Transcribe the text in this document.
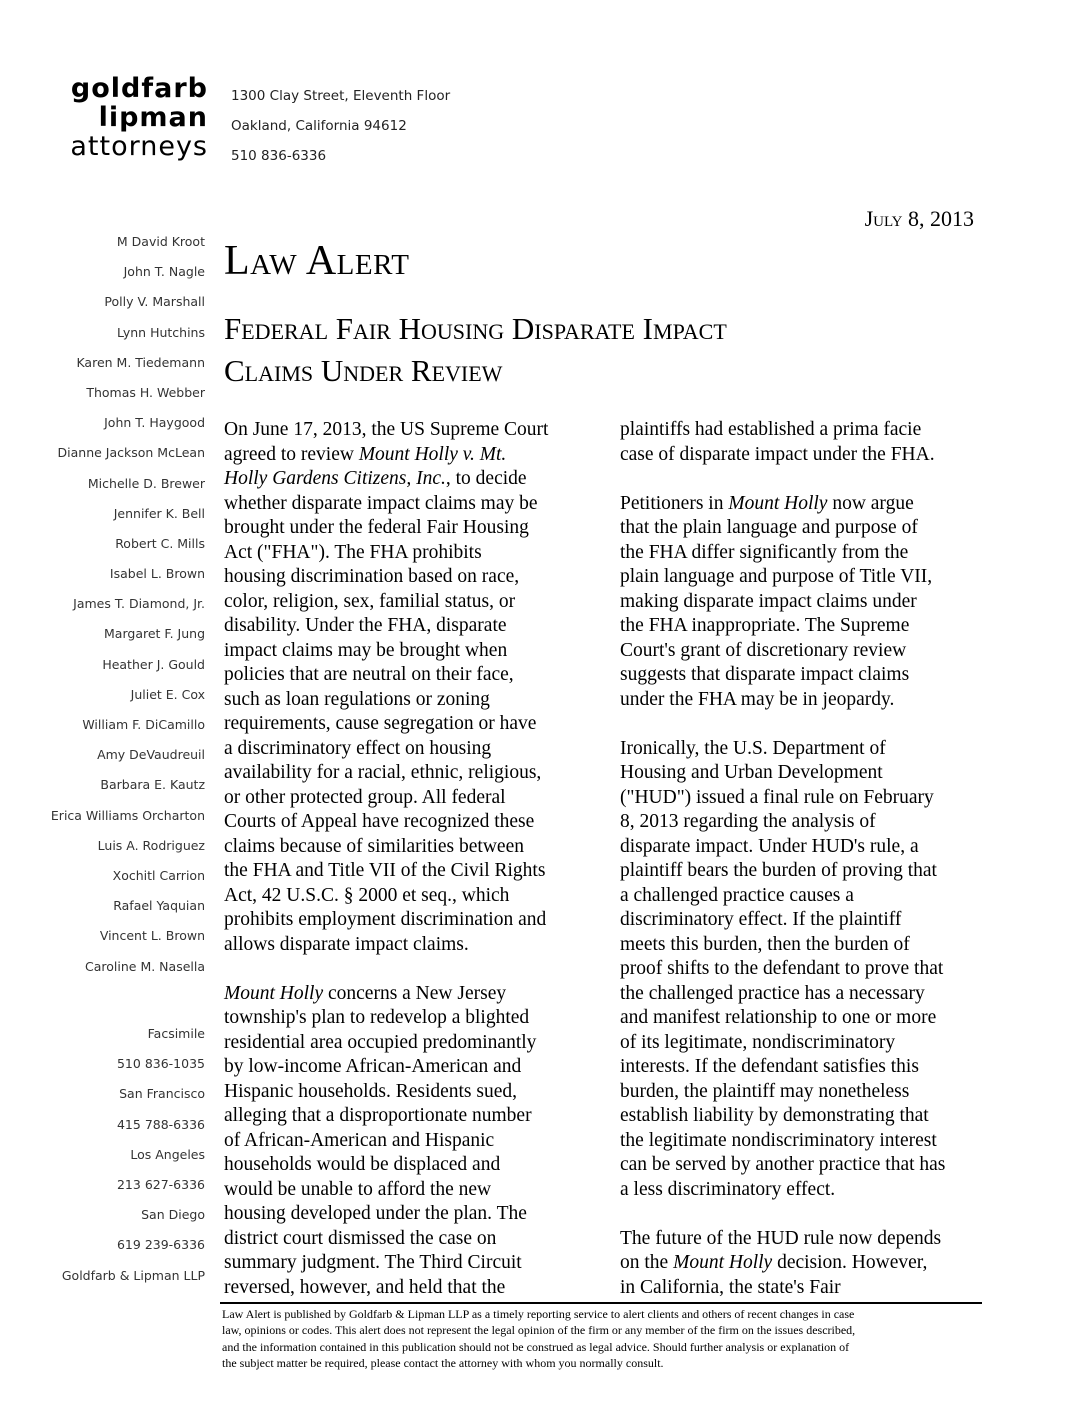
goldfarb
lipman
attorneys
1300 Clay Street, Eleventh Floor
Oakland, California 94612
510 836-6336
July 8, 2013
M David Kroot
John T. Nagle
Polly V. Marshall
Lynn Hutchins
Karen M. Tiedemann
Thomas H. Webber
John T. Haygood
Dianne Jackson McLean
Michelle D. Brewer
Jennifer K. Bell
Robert C. Mills
Isabel L. Brown
James T. Diamond, Jr.
Margaret F. Jung
Heather J. Gould
Juliet E. Cox
William F. DiCamillo
Amy DeVaudreuil
Barbara E. Kautz
Erica Williams Orcharton
Luis A. Rodriguez
Xochitl Carrion
Rafael Yaquian
Vincent L. Brown
Caroline M. Nasella
Facsimile
510 836-1035
San Francisco
415 788-6336
Los Angeles
213 627-6336
San Diego
619 239-6336
Goldfarb & Lipman LLP
Law Alert
Federal Fair Housing Disparate Impact
Claims Under Review

On June 17, 2013, the US Supreme Court
agreed to review Mount Holly v. Mt.
Holly Gardens Citizens, Inc., to decide
whether disparate impact claims may be
brought under the federal Fair Housing
Act ("FHA"). The FHA prohibits
housing discrimination based on race,
color, religion, sex, familial status, or
disability. Under the FHA, disparate
impact claims may be brought when
policies that are neutral on their face,
such as loan regulations or zoning
requirements, cause segregation or have
a discriminatory effect on housing
availability for a racial, ethnic, religious,
or other protected group. All federal
Courts of Appeal have recognized these
claims because of similarities between
the FHA and Title VII of the Civil Rights
Act, 42 U.S.C. § 2000 et seq., which
prohibits employment discrimination and
allows disparate impact claims.

Mount Holly concerns a New Jersey
township's plan to redevelop a blighted
residential area occupied predominantly
by low-income African-American and
Hispanic households. Residents sued,
alleging that a disproportionate number
of African-American and Hispanic
households would be displaced and
would be unable to afford the new
housing developed under the plan. The
district court dismissed the case on
summary judgment. The Third Circuit
reversed, however, and held that the

plaintiffs had established a prima facie
case of disparate impact under the FHA.

Petitioners in Mount Holly now argue
that the plain language and purpose of
the FHA differ significantly from the
plain language and purpose of Title VII,
making disparate impact claims under
the FHA inappropriate. The Supreme
Court's grant of discretionary review
suggests that disparate impact claims
under the FHA may be in jeopardy.

Ironically, the U.S. Department of
Housing and Urban Development
("HUD") issued a final rule on February
8, 2013 regarding the analysis of
disparate impact. Under HUD's rule, a
plaintiff bears the burden of proving that
a challenged practice causes a
discriminatory effect. If the plaintiff
meets this burden, then the burden of
proof shifts to the defendant to prove that
the challenged practice has a necessary
and manifest relationship to one or more
of its legitimate, nondiscriminatory
interests. If the defendant satisfies this
burden, the plaintiff may nonetheless
establish liability by demonstrating that
the legitimate nondiscriminatory interest
can be served by another practice that has
a less discriminatory effect.

The future of the HUD rule now depends
on the Mount Holly decision. However,
in California, the state's Fair

Law Alert is published by Goldfarb & Lipman LLP as a timely reporting service to alert clients and others of recent changes in case
law, opinions or codes. This alert does not represent the legal opinion of the firm or any member of the firm on the issues described,
and the information contained in this publication should not be construed as legal advice. Should further analysis or explanation of
the subject matter be required, please contact the attorney with whom you normally consult.
